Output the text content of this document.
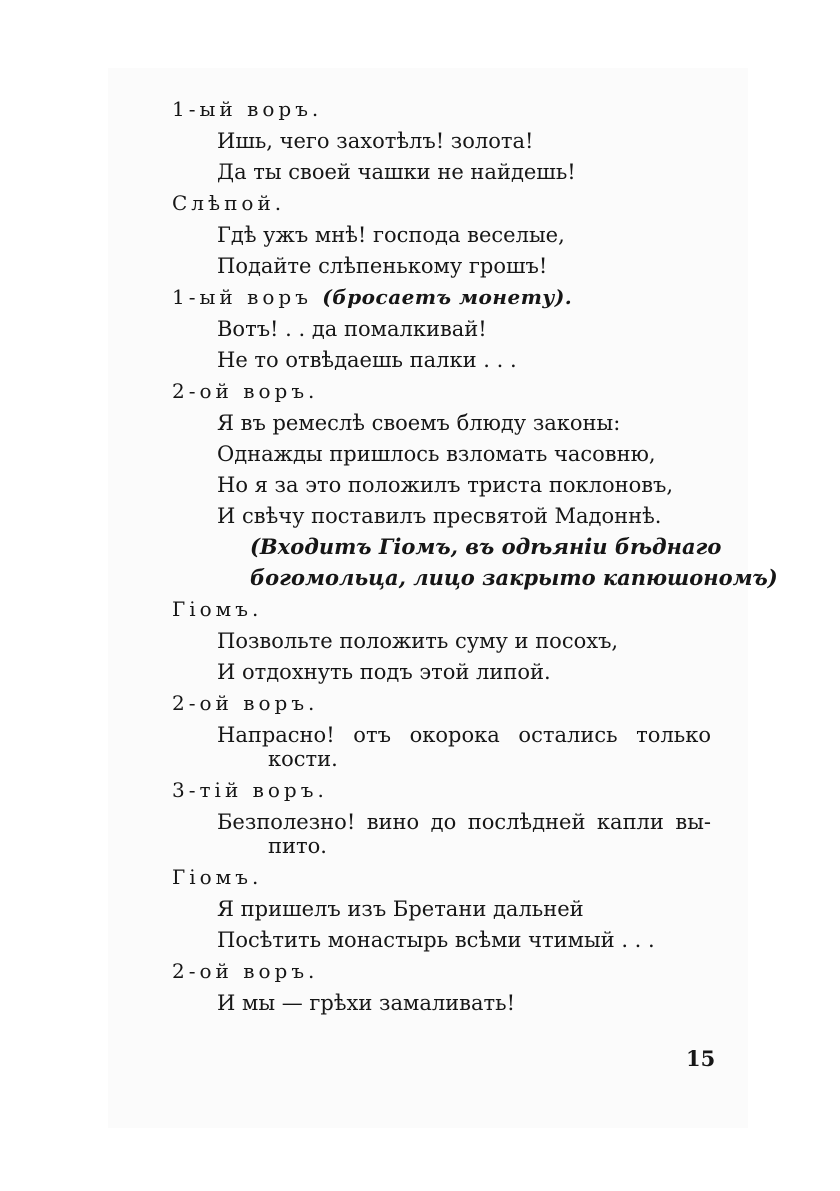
1-ый воръ.
Ишь, чего захотѣлъ! золота!
Да ты своей чашки не найдешь!
Слѣпой.
Гдѣ ужъ мнѣ! господа веселые,
Подайте слѣпенькому грошъ!
1-ый воръ (бросаетъ монету).
Вотъ! . . да помалкивай!
Не то отвѣдаешь палки . . .
2-ой воръ.
Я въ ремеслѣ своемъ блюду законы:
Однажды пришлось взломать часовню,
Но я за это положилъ триста поклоновъ,
И свѣчу поставилъ пресвятой Мадоннѣ.
(Входитъ Гіомъ, въ одѣяніи бѣднаго
богомольца, лицо закрыто капюшономъ)
Гіомъ.
Позвольте положить суму и посохъ,
И отдохнуть подъ этой липой.
2-ой воръ.
Напрасно! отъ окорока остались только
кости.
3-тій воръ.
Безполезно! вино до послѣдней капли вы-
пито.
Гіомъ.
Я пришелъ изъ Бретани дальней
Посѣтить монастырь всѣми чтимый . . .
2-ой воръ.
И мы — грѣхи замаливать!
15
